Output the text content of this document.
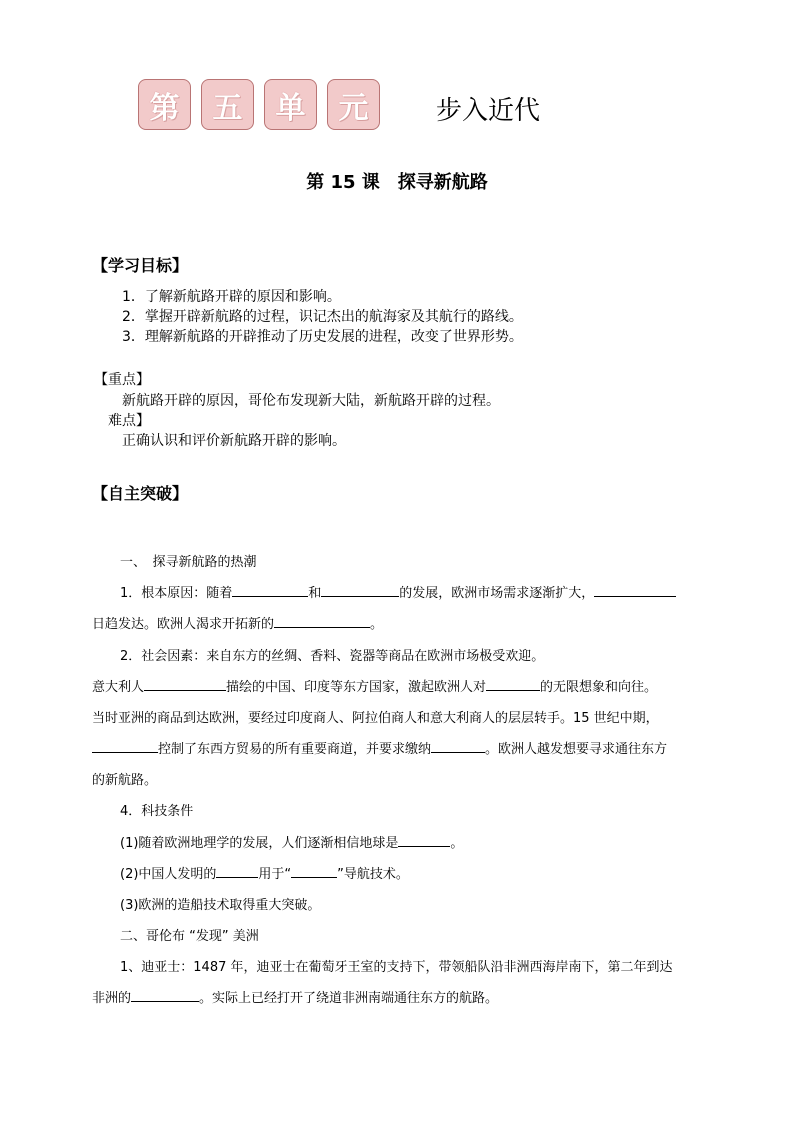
第	五	单	元	步入近代
第 15 课　探寻新航路
【学习目标】
1．了解新航路开辟的原因和影响。
2．掌握开辟新航路的过程，识记杰出的航海家及其航行的路线。
3．理解新航路的开辟推动了历史发展的进程，改变了世界形势。
【重点】
新航路开辟的原因，哥伦布发现新大陆，新航路开辟的过程。
难点】
正确认识和评价新航路开辟的影响。
【自主突破】
一、　探寻新航路的热潮
1．根本原因：随着	和	的发展，欧洲市场需求逐渐扩大，
日趋发达。欧洲人渴求开拓新的	。
2．社会因素：来自东方的丝绸、香料、瓷器等商品在欧洲市场极受欢迎。
意大利人	描绘的中国、印度等东方国家，激起欧洲人对	的无限想象和向往。
当时亚洲的商品到达欧洲，要经过印度商人、阿拉伯商人和意大利商人的层层转手。15 世纪中期，
控制了东西方贸易的所有重要商道，并要求缴纳	。欧洲人越发想要寻求通往东方
的新航路。
4．科技条件
(1)随着欧洲地理学的发展，人们逐渐相信地球是	。
(2)中国人发明的	用于“	”导航技术。
(3)欧洲的造船技术取得重大突破。
二、哥伦布 “发现” 美洲
1、迪亚士：1487 年，迪亚士在葡萄牙王室的支持下，带领船队沿非洲西海岸南下，第二年到达
非洲的	。实际上已经打开了绕道非洲南端通往东方的航路。
